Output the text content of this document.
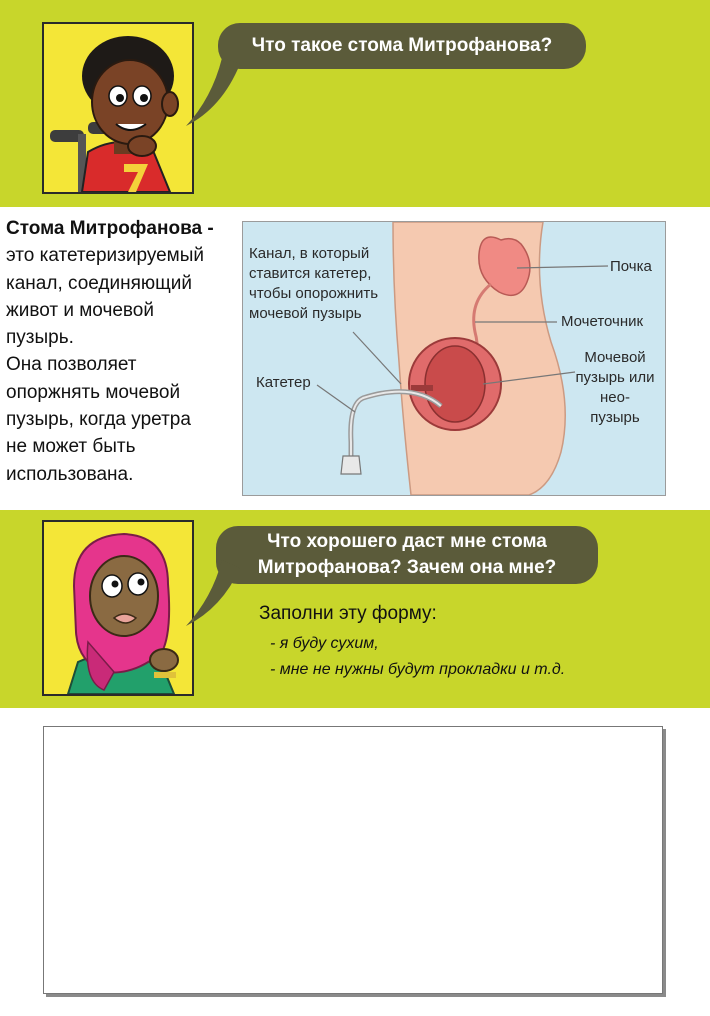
Что такое стома Митрофанова?

Стома Митрофанова -
это катетеризируемый
канал, соединяющий
живот и мочевой
пузырь.
Она позволяет
опоржнять мочевой
пузырь, когда уретра
не может быть
использована.

Канал, в который
ставится катетер,
чтобы опорожнить
мочевой пузырь

Катетер

Почка

Мочеточник

Мочевой
пузырь или
нео-
пузырь

Что хорошего даст мне стома
Митрофанова? Зачем она мне?

Заполни эту форму:

- я буду сухим,

- мне не нужны будут прокладки и т.д.
